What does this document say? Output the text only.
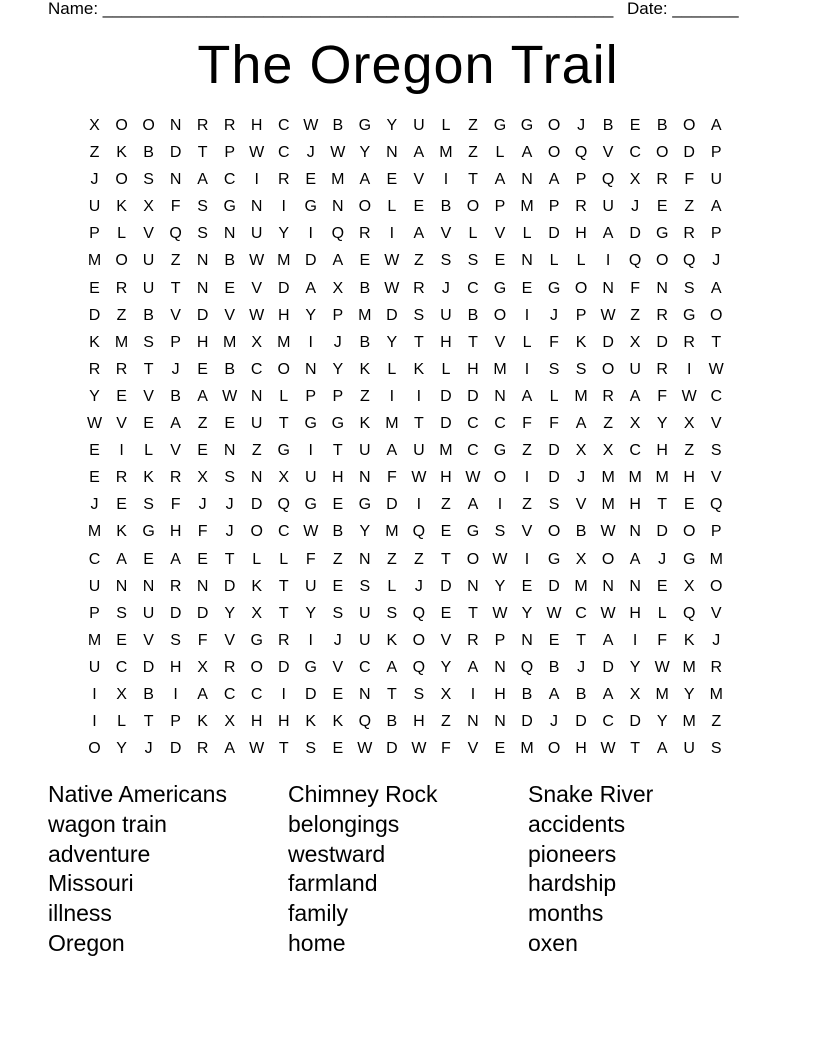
Name: ______________________________________________________ Date: _______
The Oregon Trail
X O O N R R H C W B G Y U	L	Z G G O	J	B	E	B O A
Z	K	B D	T	P W C	J W Y N A M Z	L	A O Q V C O D P
J	O S N A C	I	R E M A	E	V	I	T	A N A	P Q X R	F	U
U K	X	F	S G N	I	G N O	L	E	B O P M P R U	J	E	Z	A
P	L	V Q S N U Y	I	Q R	I	A	V	L	V	L	D H A D G R P
M O U	Z	N B W M D A	E W Z	S	S	E N	L	L	I	Q O Q	J
E R U	T	N E	V D A	X	B W R	J	C G E G O N	F	N S	A
D	Z	B	V D V W H Y	P M D S U B O	I	J	P W Z	R G O
K M S	P H M X M	I	J	B	Y	T	H	T	V	L	F	K D X D R	T
R R	T	J	E	B C O N Y	K	L	K	L	H M	I	S	S O U R	I	W
Y	E	V	B	A W N	L	P	P	Z	I	I	D D N A	L M R A	F W C
W V	E	A	Z	E U	T G G K M T	D C C	F	F	A	Z	X	Y	X	V
E	I	L	V	E N	Z G	I	T	U A U M C G Z	D X	X C H	Z	S
E R K R X	S N X U H N	F W H W O	I	D	J	M M M H V
J	E	S	F	J	J	D Q G E G D	I	Z	A	I	Z	S	V M H	T	E Q
M K G H	F	J	O C W B	Y M Q E G S	V O B W N D O P
C A	E	A	E	T	L	L	F	Z	N	Z	Z	T O W	I	G X O A	J	G M
U N N R N D K	T	U E	S	L	J	D N Y	E D M N N E	X O
P	S U D D Y	X	T	Y	S U S Q E	T W Y W C W H	L	Q V
M E	V	S	F	V G R	I	J	U K O V R P N E	T	A	I	F	K	J
U C D H X R O D G V C A Q Y	A N Q B	J	D Y W M R
I	X	B	I	A C C	I	D E N	T	S	X	I	H B	A	B	A	X M Y M
I	L	T	P	K	X H H K	K Q B H	Z	N N D	J	D C D Y M Z
O Y	J	D R A W T	S	E W D W F	V	E M O H W T	A U S
Native Americans
wagon train
adventure
Missouri
illness
Oregon
Chimney Rock
belongings
westward
farmland
family
home
Snake River
accidents
pioneers
hardship
months
oxen
